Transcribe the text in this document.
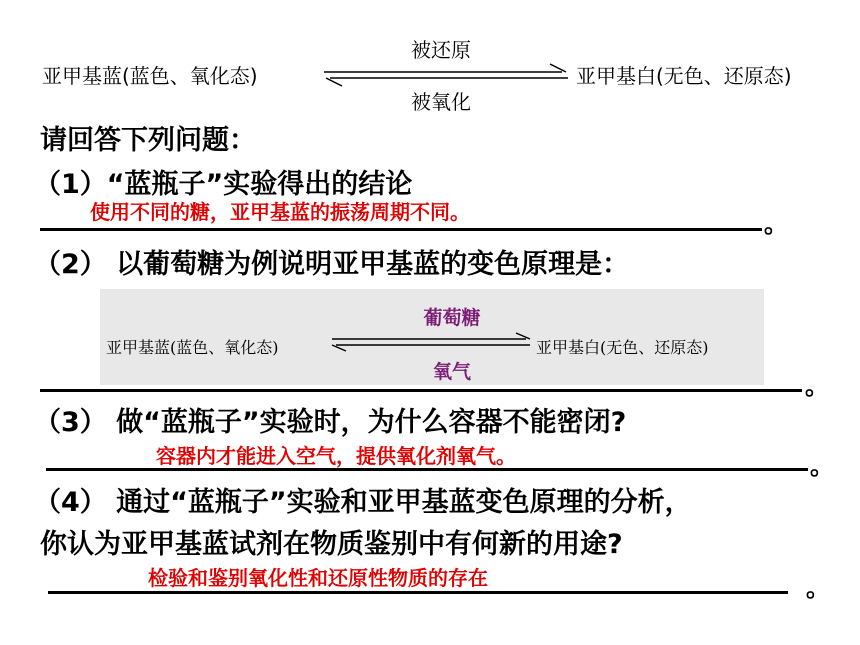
亚甲基蓝(蓝色、氧化态)
被还原
亚甲基白(无色、还原态)
被氧化
请回答下列问题：
（1）“蓝瓶子”实验得出的结论
使用不同的糖，亚甲基蓝的振荡周期不同。	。
（2） 以葡萄糖为例说明亚甲基蓝的变色原理是：
亚甲基蓝(蓝色、氧化态)
葡萄糖
亚甲基白(无色、还原态)
氧气	。
（3） 做“蓝瓶子”实验时，为什么容器不能密闭?
容器内才能进入空气，提供氧化剂氧气。	。
（4） 通过“蓝瓶子”实验和亚甲基蓝变色原理的分析，
你认为亚甲基蓝试剂在物质鉴别中有何新的用途?
检验和鉴别氧化性和还原性物质的存在	。
